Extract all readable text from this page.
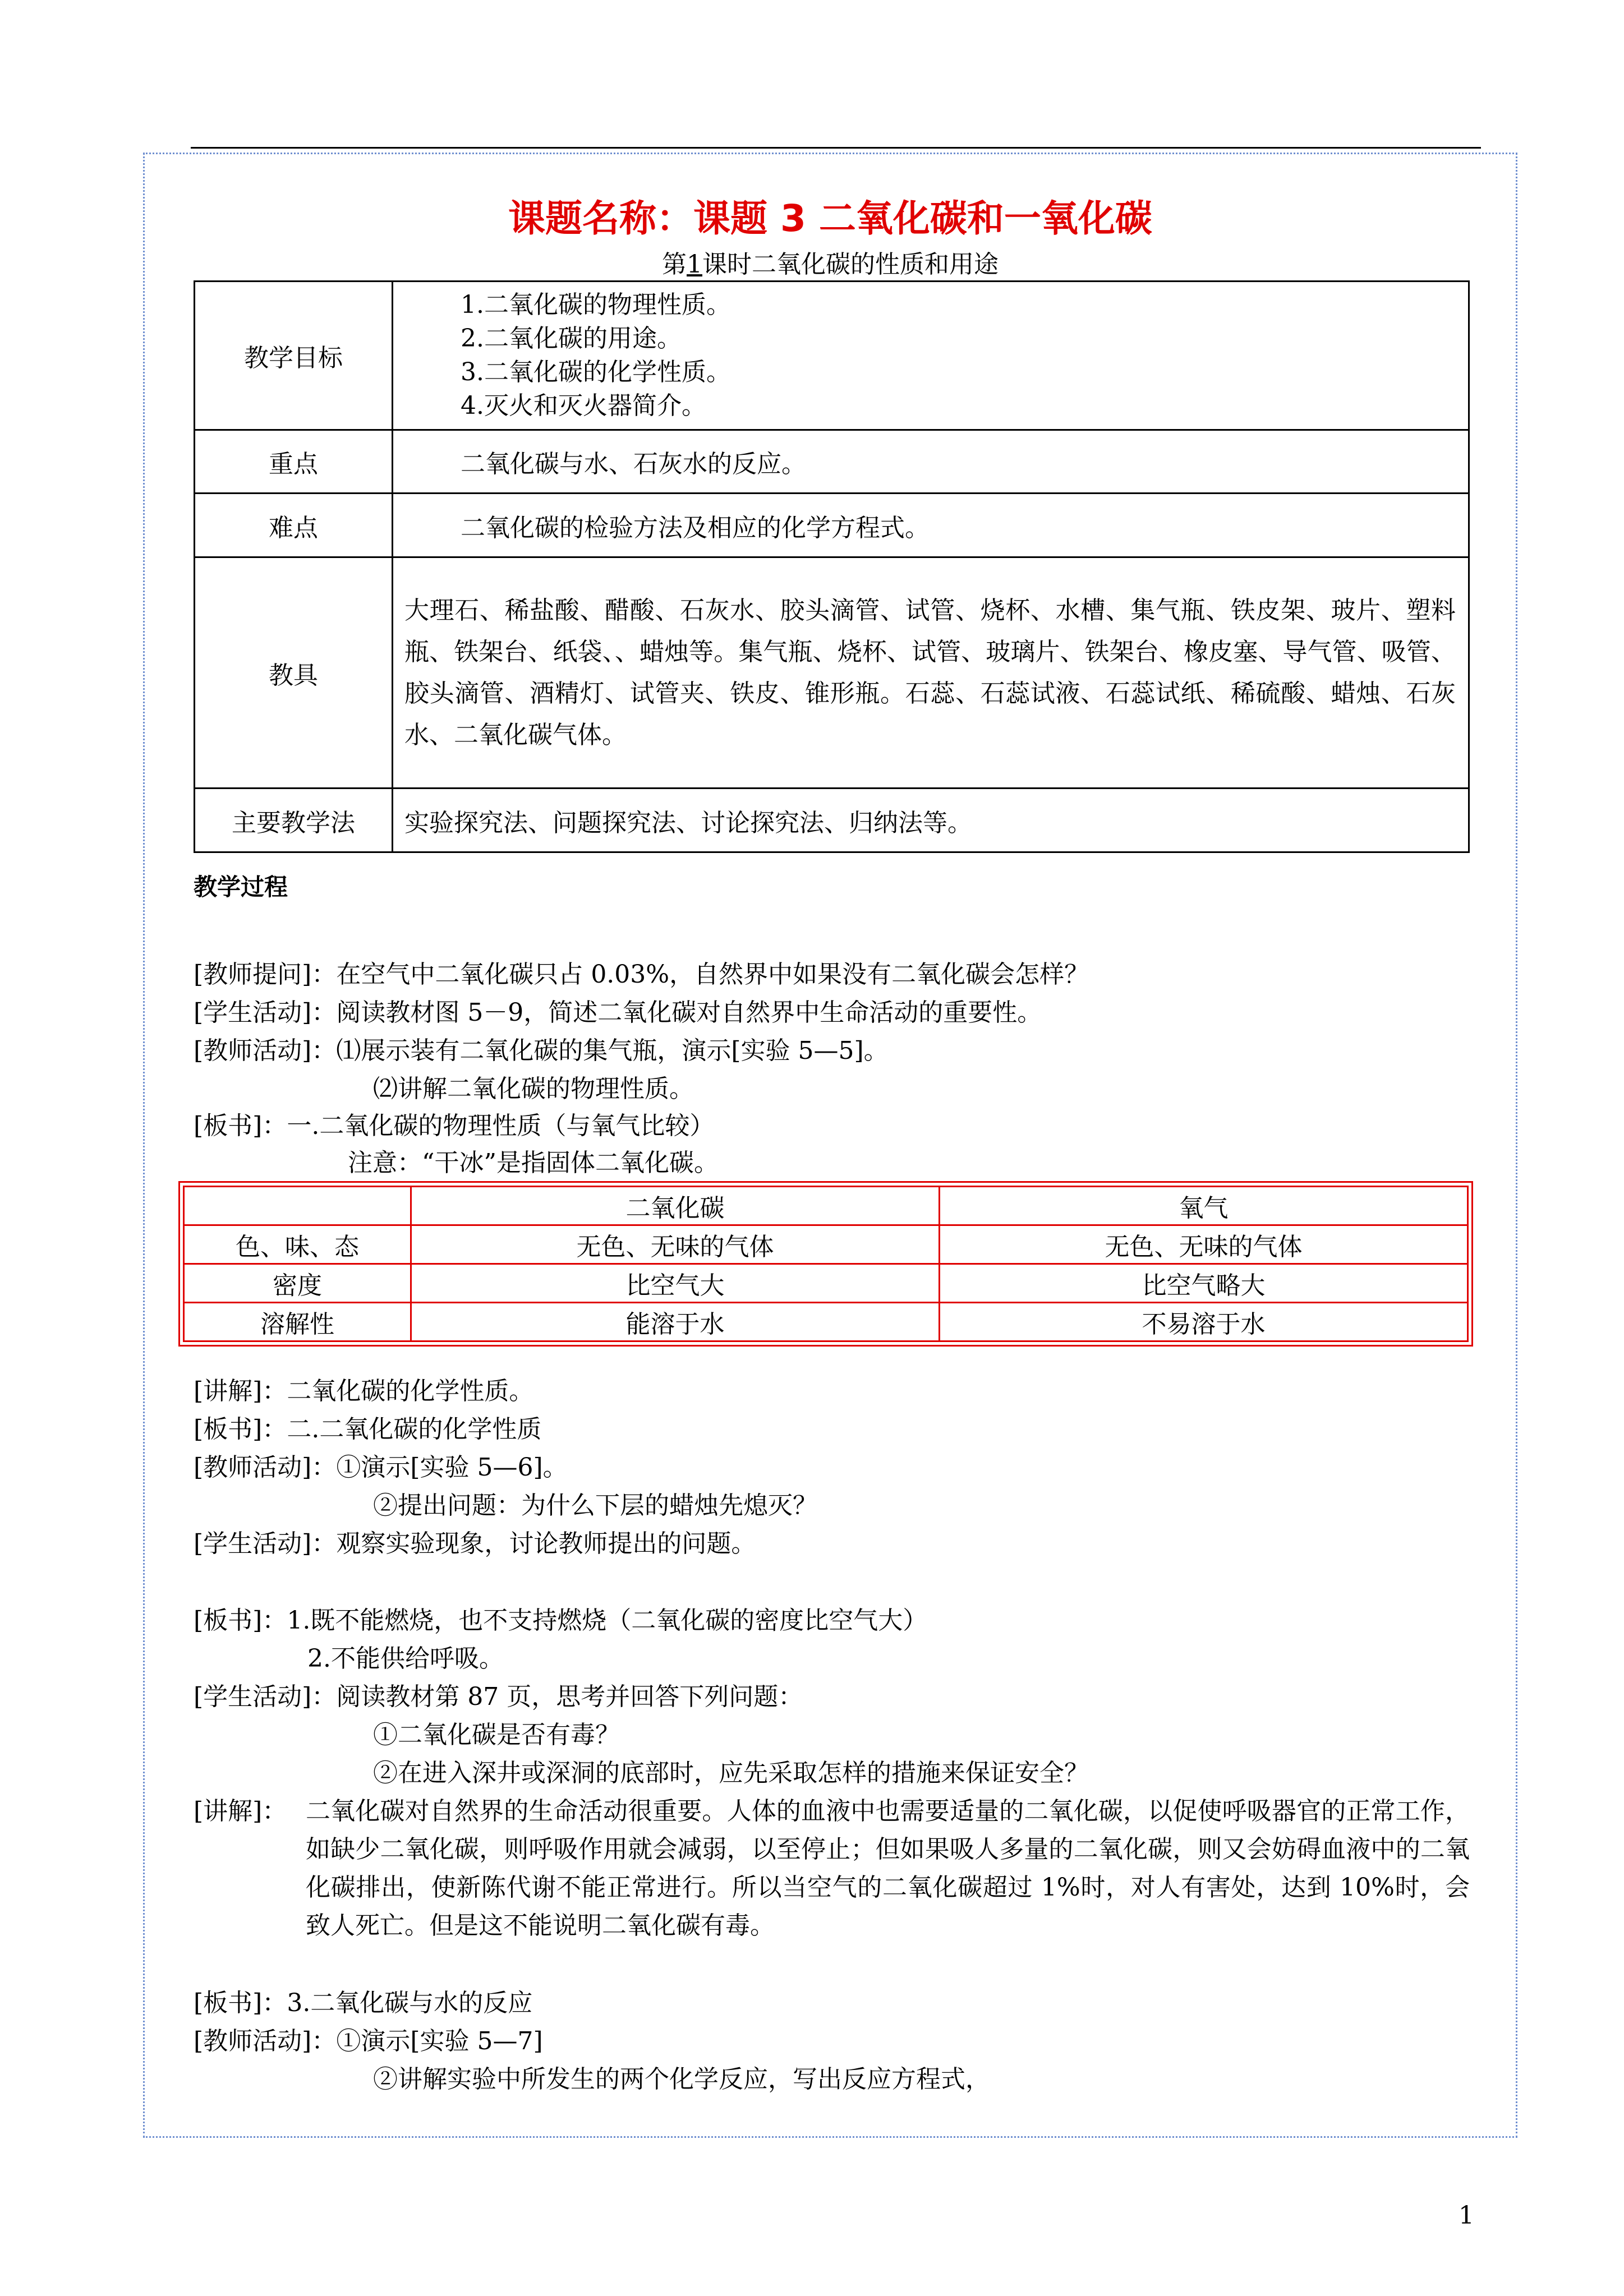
课题名称：课题 3 二氧化碳和一氧化碳
第1课时二氧化碳的性质和用途
教学目标	1.二氧化碳的物理性质。
2.二氧化碳的用途。
3.二氧化碳的化学性质。
4.灭火和灭火器简介。

重点	二氧化碳与水、石灰水的反应。

难点	二氧化碳的检验方法及相应的化学方程式。

教具	大理石、稀盐酸、醋酸、石灰水、胶头滴管、试管、烧杯、水槽、集气瓶、铁皮架、玻片、塑料瓶、铁架台、纸袋、、蜡烛等。集气瓶、烧杯、试管、玻璃片、铁架台、橡皮塞、导气管、吸管、胶头滴管、酒精灯、试管夹、铁皮、锥形瓶。石蕊、石蕊试液、石蕊试纸、稀硫酸、蜡烛、石灰水、二氧化碳气体。

主要教学法	实验探究法、问题探究法、讨论探究法、归纳法等。
教学过程
[教师提问]：在空气中二氧化碳只占 0.03%，自然界中如果没有二氧化碳会怎样？
[学生活动]：阅读教材图 5－9，简述二氧化碳对自然界中生命活动的重要性。
[教师活动]：⑴展示装有二氧化碳的集气瓶，演示[实验 5—5]。
⑵讲解二氧化碳的物理性质。
[板书]：一.二氧化碳的物理性质（与氧气比较）
注意：“干冰”是指固体二氧化碳。
	二氧化碳	氧气
色、味、态	无色、无味的气体	无色、无味的气体
密度	比空气大	比空气略大
溶解性	能溶于水	不易溶于水
[讲解]：二氧化碳的化学性质。
[板书]：二.二氧化碳的化学性质
[教师活动]：①演示[实验 5—6]。
②提出问题：为什么下层的蜡烛先熄灭？
[学生活动]：观察实验现象，讨论教师提出的问题。
[板书]：1.既不能燃烧，也不支持燃烧（二氧化碳的密度比空气大）
2.不能供给呼吸。
[学生活动]：阅读教材第 87 页，思考并回答下列问题：
①二氧化碳是否有毒？
②在进入深井或深洞的底部时，应先采取怎样的措施来保证安全？
[讲解]： 二氧化碳对自然界的生命活动很重要。人体的血液中也需要适量的二氧化碳，以促使呼吸器官的正常工作，如缺少二氧化碳，则呼吸作用就会减弱，以至停止；但如果吸人多量的二氧化碳，则又会妨碍血液中的二氧化碳排出，使新陈代谢不能正常进行。所以当空气的二氧化碳超过 1%时，对人有害处，达到 10%时，会致人死亡。但是这不能说明二氧化碳有毒。
[板书]：3.二氧化碳与水的反应
[教师活动]：①演示[实验 5—7]
②讲解实验中所发生的两个化学反应，写出反应方程式，
1
